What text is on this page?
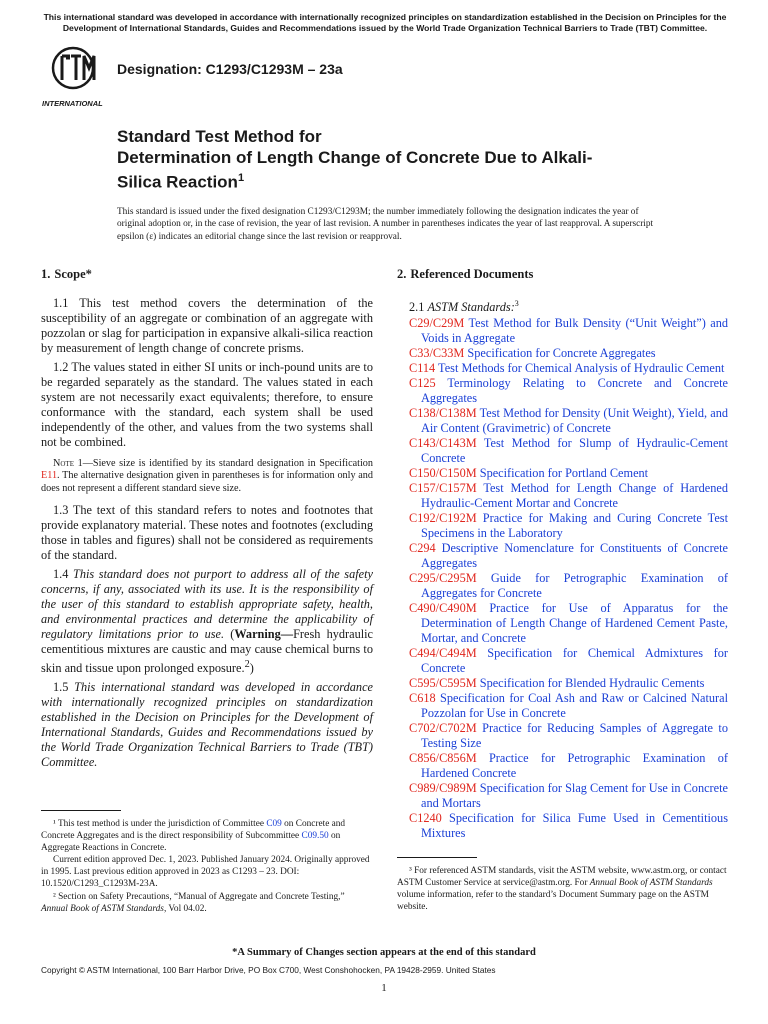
This international standard was developed in accordance with internationally recognized principles on standardization established in the Decision on Principles for the Development of International Standards, Guides and Recommendations issued by the World Trade Organization Technical Barriers to Trade (TBT) Committee.
INTERNATIONAL
Designation: C1293/C1293M – 23a
Standard Test Method for
Determination of Length Change of Concrete Due to Alkali-
Silica Reaction$^1$
This standard is issued under the fixed designation C1293/C1293M; the number immediately following the designation indicates the year of original adoption or, in the case of revision, the year of last revision. A number in parentheses indicates the year of last reapproval. A superscript epsilon (ε) indicates an editorial change since the last revision or reapproval.
1. Scope*

1.1 This test method covers the determination of the susceptibility of an aggregate or combination of an aggregate with pozzolan or slag for participation in expansive alkali-silica reaction by measurement of length change of concrete prisms.

1.2 The values stated in either SI units or inch-pound units are to be regarded separately as the standard. The values stated in each system are not necessarily exact equivalents; therefore, to ensure conformance with the standard, each system shall be used independently of the other, and values from the two systems shall not be combined.

Note 1—Sieve size is identified by its standard designation in Specification E11. The alternative designation given in parentheses is for information only and does not represent a different standard sieve size.

1.3 The text of this standard refers to notes and footnotes that provide explanatory material. These notes and footnotes (excluding those in tables and figures) shall not be considered as requirements of the standard.

1.4 This standard does not purport to address all of the safety concerns, if any, associated with its use. It is the responsibility of the user of this standard to establish appropriate safety, health, and environmental practices and determine the applicability of regulatory limitations prior to use. (Warning—Fresh hydraulic cementitious mixtures are caustic and may cause chemical burns to skin and tissue upon prolonged exposure.$^2$)

1.5 This international standard was developed in accordance with internationally recognized principles on standardization established in the Decision on Principles for the Development of International Standards, Guides and Recommendations issued by the World Trade Organization Technical Barriers to Trade (TBT) Committee.

2. Referenced Documents

2.1 ASTM Standards:$^3$

C29/C29M Test Method for Bulk Density (“Unit Weight”) and Voids in Aggregate

C33/C33M Specification for Concrete Aggregates

C114 Test Methods for Chemical Analysis of Hydraulic Cement

C125 Terminology Relating to Concrete and Concrete Aggregates

C138/C138M Test Method for Density (Unit Weight), Yield, and Air Content (Gravimetric) of Concrete

C143/C143M Test Method for Slump of Hydraulic-Cement Concrete

C150/C150M Specification for Portland Cement

C157/C157M Test Method for Length Change of Hardened Hydraulic-Cement Mortar and Concrete

C192/C192M Practice for Making and Curing Concrete Test Specimens in the Laboratory

C294 Descriptive Nomenclature for Constituents of Concrete Aggregates

C295/C295M Guide for Petrographic Examination of Aggregates for Concrete

C490/C490M Practice for Use of Apparatus for the Determination of Length Change of Hardened Cement Paste, Mortar, and Concrete

C494/C494M Specification for Chemical Admixtures for Concrete

C595/C595M Specification for Blended Hydraulic Cements

C618 Specification for Coal Ash and Raw or Calcined Natural Pozzolan for Use in Concrete

C702/C702M Practice for Reducing Samples of Aggregate to Testing Size

C856/C856M Practice for Petrographic Examination of Hardened Concrete

C989/C989M Specification for Slag Cement for Use in Concrete and Mortars

C1240 Specification for Silica Fume Used in Cementitious Mixtures

¹ This test method is under the jurisdiction of Committee C09 on Concrete and Concrete Aggregates and is the direct responsibility of Subcommittee C09.50 on Aggregate Reactions in Concrete.

Current edition approved Dec. 1, 2023. Published January 2024. Originally approved in 1995. Last previous edition approved in 2023 as C1293 – 23. DOI: 10.1520/C1293_C1293M-23A.

² Section on Safety Precautions, “Manual of Aggregate and Concrete Testing,” Annual Book of ASTM Standards, Vol 04.02.

³ For referenced ASTM standards, visit the ASTM website, www.astm.org, or contact ASTM Customer Service at service@astm.org. For Annual Book of ASTM Standards volume information, refer to the standard’s Document Summary page on the ASTM website.

*A Summary of Changes section appears at the end of this standard
Copyright © ASTM International, 100 Barr Harbor Drive, PO Box C700, West Conshohocken, PA 19428-2959. United States
1
